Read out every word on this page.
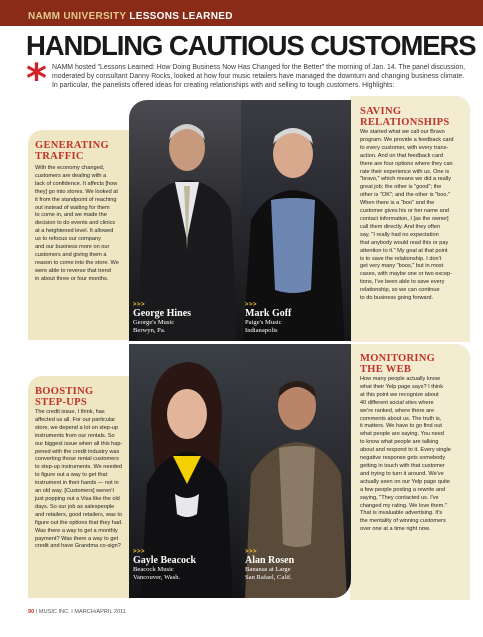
NAMM UNIVERSITY LESSONS LEARNED
HANDLING CAUTIOUS CUSTOMERS
* NAMM hosted "Lessons Learned: How Doing Business Now Has Changed for the Better" the morning of Jan. 14. The panel discussion, moderated by consultant Danny Rocks, looked at how four music retailers have managed the downturn and changing business climate. In particular, the panelists offered ideas for creating relationships with and selling to tough customers. Highlights:
>>>
George Hines
George's Music
Berwyn, Pa.
>>>
Mark Goff
Paige's Music
Indianapolis
>>>
Gayle Beacock
Beacock Music
Vancouver, Wash.
>>>
Alan Rosen
Bananas at Large
San Rafael, Calif.
GENERATING
TRAFFIC
With the economy changed,
customers are dealing with a
lack of confidence. It affects [how
they] go into stores. We looked at
it from the standpoint of reaching
out instead of waiting for them
to come in, and we made the
decision to do events and clinics
at a heightened level. It allowed
us to refocus our company
and our business more on our
customers and giving them a
reason to come into the store. We
were able to reverse that trend
in about three or four months.
SAVING
RELATIONSHIPS
We started what we call our Bravo
program. We provide a feedback card
to every customer, with every trans-
action. And on that feedback card
there are four options where they can
rate their experience with us. One is
"bravo," which means we did a really
great job; the other is "good"; the
other is "OK"; and the other is "boo."
When there is a "boo" and the
customer gives his or her name and
contact information, I [as the owner]
call them directly. And they often
say, "I really had no expectation
that anybody would read this or pay
attention to it." My goal at that point
is to save the relationship. I don't
get very many "boos," but in most
cases, with maybe one or two excep-
tions, I've been able to save every
relationship, so we can continue
to do business going forward.
BOOSTING
STEP-UPS
The credit issue, I think, has
affected us all. For our particular
store, we depend a lot on step-up
instruments from our rentals. So
our biggest issue when all this hap-
pened with the credit industry was
converting those rental customers
to step-up instruments. We needed
to figure out a way to get that
instrument in their hands — not in
an old way. [Customers] weren't
just popping out a Visa like the old
days. So our job as salespeople
and retailers, good retailers, was to
figure out the options that they had.
Was there a way to get a monthly
payment? Was there a way to get
credit and have Grandma co-sign?
MONITORING
THE WEB
How many people actually know
what their Yelp page says? I think
at this point we recognize about
40 different social sites where
we're ranked, where there are
comments about us. The truth is,
it matters. We have to go find out
what people are saying. You need
to know what people are talking
about and respond to it. Every single
negative response gets somebody
getting in touch with that customer
and trying to turn it around. We've
actually seen on our Yelp page quite
a few people posting a rewrite and
saying, "They contacted us. I've
changed my rating. We love them."
That is invaluable advertising. It's
the mentality of winning customers
over one at a time right now.
90 I MUSIC INC. I MARCH/APRIL 2011
